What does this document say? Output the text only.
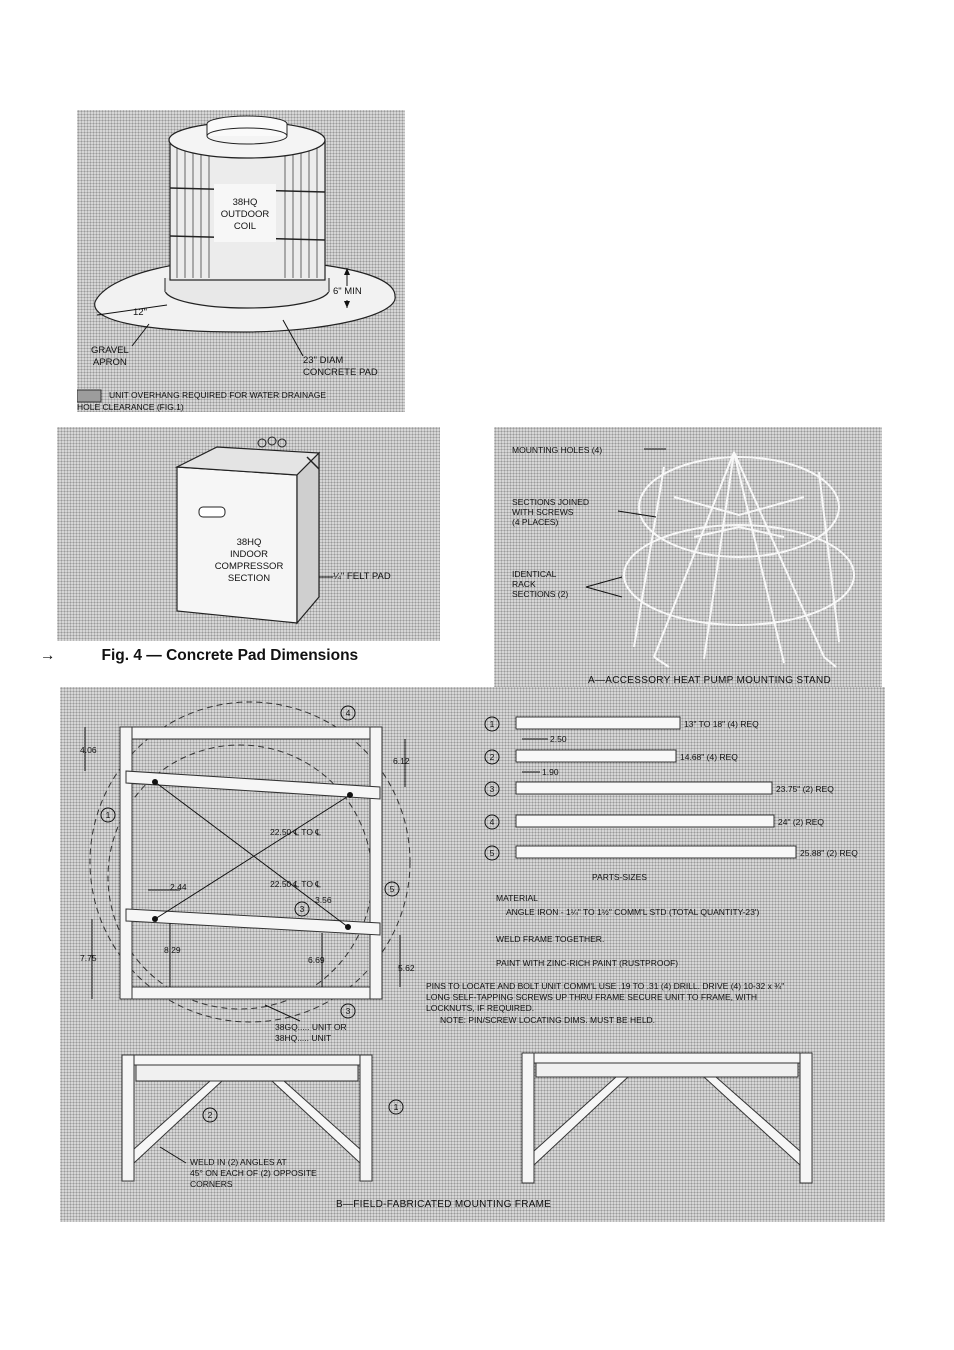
38HQ
OUTDOOR
COIL
6" MIN
12"
GRAVEL
APRON	23" DIAM
CONCRETE PAD
UNIT OVERHANG REQUIRED FOR WATER DRAINAGE
HOLE CLEARANCE (FIG.1)
38HQ
INDOOR
COMPRESSOR
SECTION	¼" FELT PAD
→	Fig. 4 — Concrete Pad Dimensions
MOUNTING HOLES (4)
SECTIONS JOINED
WITH SCREWS
(4 PLACES)
IDENTICAL
RACK
SECTIONS (2)
A—ACCESSORY HEAT PUMP MOUNTING STAND
4.06
6.12
22.50 ℄ TO ℄
22.50 ℄ TO ℄
2.44
3.56
8.29
6.69
7.75
5.62
4
1
5
3
3
38GQ..... UNIT OR
38HQ..... UNIT
1	13" TO 18" (4) REQ
2
2.50
14.68" (4) REQ
3
1.90
23.75" (2) REQ
4	24" (2) REQ
5	25.88" (2) REQ
PARTS-SIZES
MATERIAL
ANGLE IRON - 1¼" TO 1½" COMM'L STD (TOTAL QUANTITY-23')
WELD FRAME TOGETHER.
PAINT WITH ZINC-RICH PAINT (RUSTPROOF)
PINS TO LOCATE AND BOLT UNIT COMM'L USE .19 TO .31 (4) DRILL. DRIVE (4) 10-32 x ¾"
LONG SELF-TAPPING SCREWS UP THRU FRAME SECURE UNIT TO FRAME, WITH
LOCKNUTS, IF REQUIRED.
NOTE: PIN/SCREW LOCATING DIMS. MUST BE HELD.
2
1
WELD IN (2) ANGLES AT
45° ON EACH OF (2) OPPOSITE
CORNERS
B—FIELD-FABRICATED MOUNTING FRAME
